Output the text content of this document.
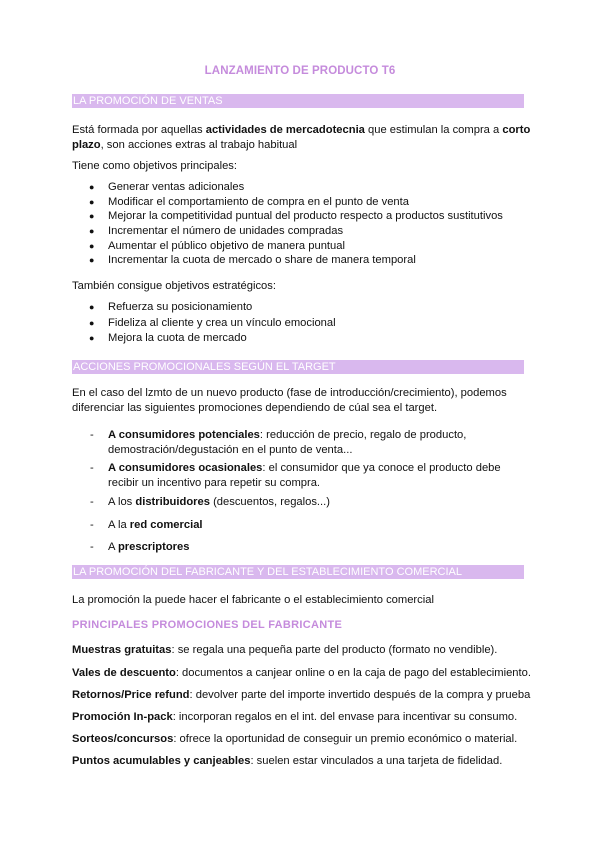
LANZAMIENTO DE PRODUCTO T6
LA PROMOCIÓN DE VENTAS
Está formada por aquellas actividades de mercadotecnia que estimulan la compra a corto plazo, son acciones extras al trabajo habitual
Tiene como objetivos principales:
● Generar ventas adicionales
● Modificar el comportamiento de compra en el punto de venta
● Mejorar la competitividad puntual del producto respecto a productos sustitutivos
● Incrementar el número de unidades compradas
● Aumentar el público objetivo de manera puntual
● Incrementar la cuota de mercado o share de manera temporal
También consigue objetivos estratégicos:
● Refuerza su posicionamiento
● Fideliza al cliente y crea un vínculo emocional
● Mejora la cuota de mercado
ACCIONES PROMOCIONALES SEGÚN EL TARGET
En el caso del lzmto de un nuevo producto (fase de introducción/crecimiento), podemos diferenciar las siguientes promociones dependiendo de cúal sea el target.
- A consumidores potenciales: reducción de precio, regalo de producto, demostración/degustación en el punto de venta...
- A consumidores ocasionales: el consumidor que ya conoce el producto debe recibir un incentivo para repetir su compra.
- A los distribuidores (descuentos, regalos...)
- A la red comercial
- A prescriptores
LA PROMOCIÓN DEL FABRICANTE Y DEL ESTABLECIMIENTO COMERCIAL
La promoción la puede hacer el fabricante o el establecimiento comercial
PRINCIPALES PROMOCIONES DEL FABRICANTE
Muestras gratuitas: se regala una pequeña parte del producto (formato no vendible).
Vales de descuento: documentos a canjear online o en la caja de pago del establecimiento.
Retornos/Price refund: devolver parte del importe invertido después de la compra y prueba
Promoción In-pack: incorporan regalos en el int. del envase para incentivar su consumo.
Sorteos/concursos: ofrece la oportunidad de conseguir un premio económico o material.
Puntos acumulables y canjeables: suelen estar vinculados a una tarjeta de fidelidad.
